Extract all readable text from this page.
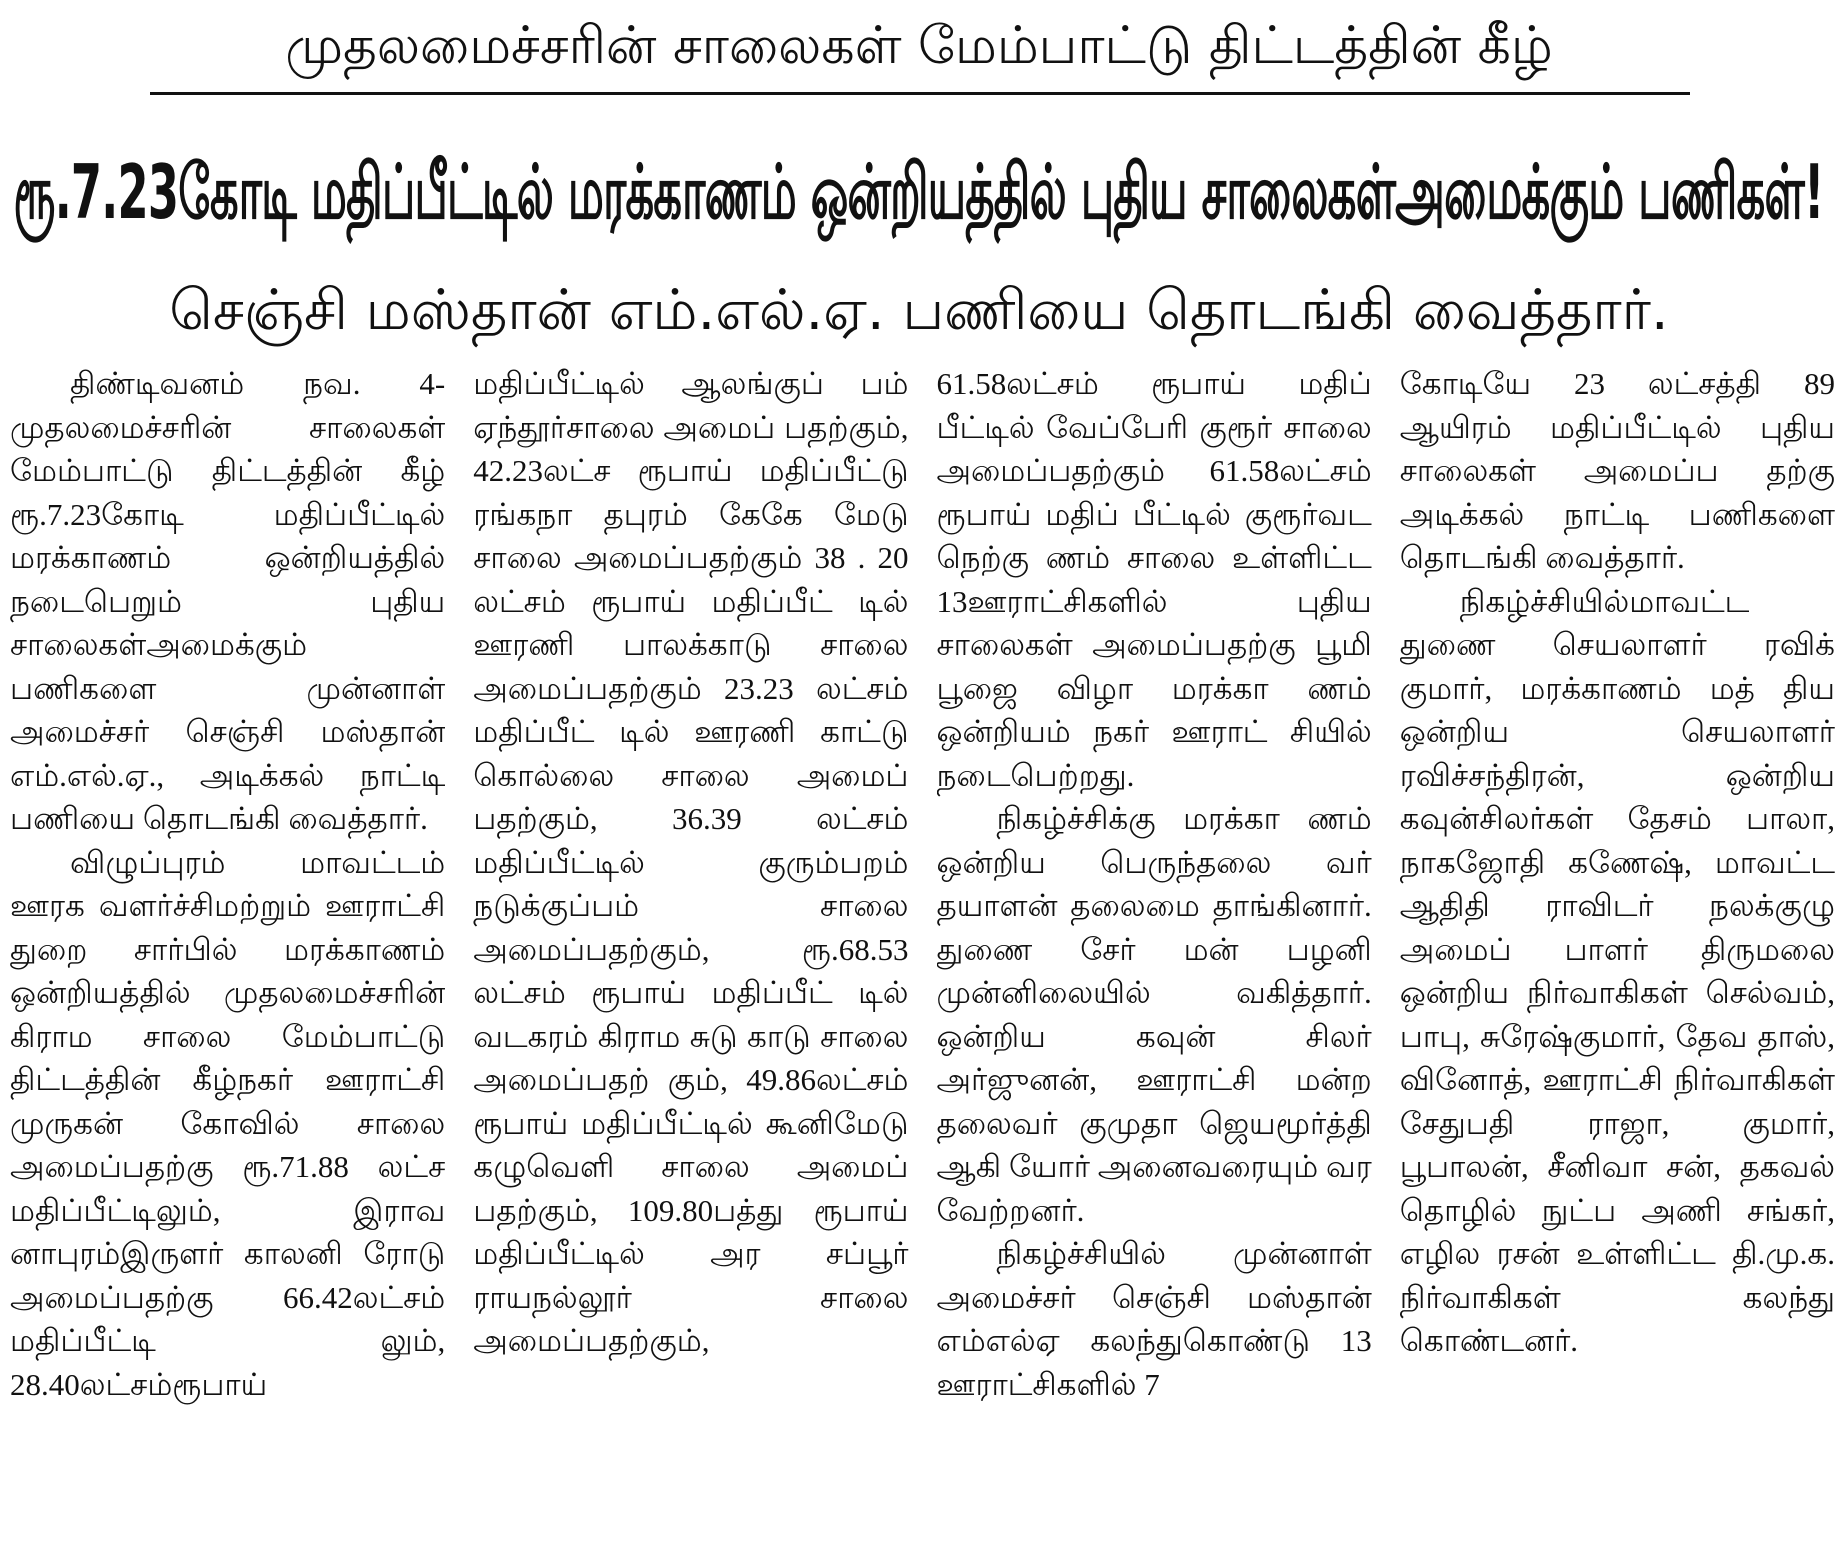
முதலமைச்சரின் சாலைகள் மேம்பாட்டு திட்டத்தின் கீழ்
ரூ.7.23கோடி மதிப்பீட்டில் மரக்காணம் ஒன்றியத்தில் புதிய சாலைகள்அமைக்கும் பணிகள்!
செஞ்சி மஸ்தான் எம்.எல்.ஏ. பணியை தொடங்கி வைத்தார்.

திண்டிவனம் நவ. 4- முதலமைச்சரின் சாலைகள் மேம்பாட்டு திட்டத்தின் கீழ் ரூ.7.23கோடி மதிப்பீட்டில் மரக்காணம் ஒன்றியத்தில் நடைபெறும் புதிய சாலைகள்அமைக்கும் பணிகளை முன்னாள் அமைச்சர் செஞ்சி மஸ்தான் எம்.எல்.ஏ., அடிக்கல் நாட்டி பணியை தொடங்கி வைத்தார்.

விழுப்புரம் மாவட்டம் ஊரக வளர்ச்சிமற்றும் ஊராட்சி துறை சார்பில் மரக்காணம் ஒன்றியத்தில் முதலமைச்சரின் கிராம சாலை மேம்பாட்டு திட்டத்தின் கீழ்நகர் ஊராட்சி முருகன் கோவில் சாலை அமைப்பதற்கு ரூ.71.88 லட்ச மதிப்பீட்டிலும், இராவ னாபுரம்இருளர் காலனி ரோடு அமைப்பதற்கு 66.42லட்சம் மதிப்பீட்டி லும், 28.40லட்சம்ரூபாய்

மதிப்பீட்டில் ஆலங்குப் பம் ஏந்தூர்சாலை அமைப் பதற்கும், 42.23லட்ச ரூபாய் மதிப்பீட்டு ரங்கநா தபுரம் கேகே மேடு சாலை அமைப்பதற்கும் 38 . 20 லட்சம் ரூபாய் மதிப்பீட் டில் ஊரணி பாலக்காடு சாலை அமைப்பதற்கும் 23.23 லட்சம் மதிப்பீட் டில் ஊரணி காட்டு கொல்லை சாலை அமைப் பதற்கும், 36.39 லட்சம் மதிப்பீட்டில் குரும்பறம் நடுக்குப்பம் சாலை அமைப்பதற்கும், ரூ.68.53 லட்சம் ரூபாய் மதிப்பீட் டில் வடகரம் கிராம சுடு காடு சாலை அமைப்பதற் கும், 49.86லட்சம் ரூபாய் மதிப்பீட்டில் கூனிமேடு கழுவெளி சாலை அமைப் பதற்கும், 109.80பத்து ரூபாய் மதிப்பீட்டில் அர சப்பூர் ராயநல்லூர் சாலை அமைப்பதற்கும்,

61.58லட்சம் ரூபாய் மதிப் பீட்டில் வேப்பேரி குரூர் சாலை அமைப்பதற்கும் 61.58லட்சம் ரூபாய் மதிப் பீட்டில் குரூர்வட நெற்கு ணம் சாலை உள்ளிட்ட 13ஊராட்சிகளில் புதிய சாலைகள் அமைப்பதற்கு பூமி பூஜை விழா மரக்கா ணம் ஒன்றியம் நகர் ஊராட் சியில் நடைபெற்றது.

நிகழ்ச்சிக்கு மரக்கா ணம் ஒன்றிய பெருந்தலை வர் தயாளன் தலைமை தாங்கினார். துணை சேர் மன் பழனி முன்னிலையில் வகித்தார். ஒன்றிய கவுன் சிலர் அர்ஜுனன், ஊராட்சி மன்ற தலைவர் குமுதா ஜெயமூர்த்தி ஆகி யோர் அனைவரையும் வர வேற்றனர்.

நிகழ்ச்சியில் முன்னாள் அமைச்சர் செஞ்சி மஸ்தான் எம்எல்ஏ கலந்துகொண்டு 13 ஊராட்சிகளில் 7

கோடியே 23 லட்சத்தி 89 ஆயிரம் மதிப்பீட்டில் புதிய சாலைகள் அமைப்ப தற்கு அடிக்கல் நாட்டி பணிகளை தொடங்கி வைத்தார்.

நிகழ்ச்சியில்மாவட்ட துணை செயலாளர் ரவிக் குமார், மரக்காணம் மத் திய ஒன்றிய செயலாளர் ரவிச்சந்திரன், ஒன்றிய கவுன்சிலர்கள் தேசம் பாலா, நாகஜோதி கணேஷ், மாவட்ட ஆதிதி ராவிடர் நலக்குழு அமைப் பாளர் திருமலை ஒன்றிய நிர்வாகிகள் செல்வம், பாபு, சுரேஷ்குமார், தேவ தாஸ், வினோத், ஊராட்சி நிர்வாகிகள் சேதுபதி ராஜா, குமார், பூபாலன், சீனிவா சன், தகவல் தொழில் நுட்ப அணி சங்கர், எழில ரசன் உள்ளிட்ட தி.மு.க. நிர்வாகிகள் கலந்து கொண்டனர்.
